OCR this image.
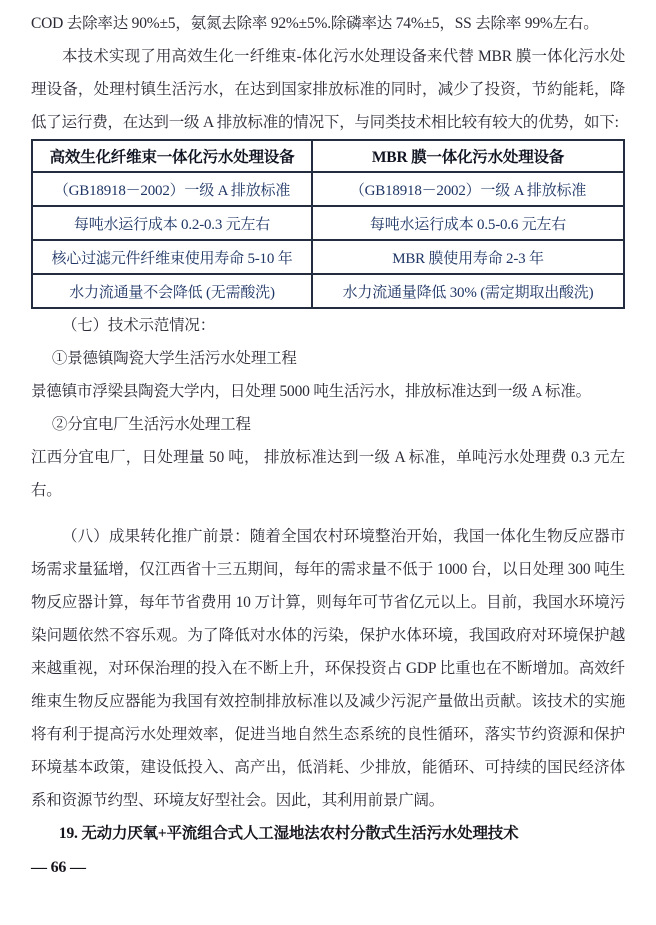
COD 去除率达 90%±5，氨氮去除率 92%±5%.除磷率达 74%±5，SS 去除率 99%左右。

本技术实现了用高效生化一纤维束-体化污水处理设备来代替 MBR 膜一体化污水处理设备，处理村镇生活污水，在达到国家排放标准的同时，减少了投资，节約能耗，降低了运行费，在达到一级 A 排放标准的情况下，与同类技术相比较有较大的优势，如下:

高效生化纤维束一体化污水处理设备	MBR 膜一体化污水处理设备
（GB18918－2002）一级 A 排放标准	（GB18918－2002）一级 A 排放标准
每吨水运行成本 0.2-0.3 元左右	每吨水运行成本 0.5-0.6 元左右
核心过滤元件纤维束使用寿命 5-10 年	MBR 膜使用寿命 2-3 年
水力流通量不会降低 (无需酸洗)	水力流通量降低 30% (需定期取出酸洗)

（七）技术示范情况：

①景德镇陶瓷大学生活污水处理工程

景德镇市浮梁县陶瓷大学内，日处理 5000 吨生活污水，排放标准达到一级 A 标准。

②分宜电厂生活污水处理工程

江西分宜电厂，日处理量 50 吨， 排放标准达到一级 A 标准，单吨污水处理费 0.3 元左右。

（八）成果转化推广前景：随着全国农村环境整治开始，我国一体化生物反应器市场需求量猛增，仅江西省十三五期间，每年的需求量不低于 1000 台，以日处理 300 吨生物反应器计算，每年节省费用 10 万计算，则每年可节省亿元以上。目前，我国水环境污染问题依然不容乐观。为了降低对水体的污染，保护水体环境，我国政府对环境保护越来越重视，对环保治理的投入在不断上升，环保投资占 GDP 比重也在不断增加。高效纤维束生物反应器能为我国有效控制排放标准以及减少污泥产量做出贡献。该技术的实施将有利于提高污水处理效率，促进当地自然生态系统的良性循环，落实节约资源和保护环境基本政策，建设低投入、高产出，低消耗、少排放，能循环、可持续的国民经济体系和资源节约型、环境友好型社会。因此，其利用前景广阔。

19. 无动力厌氧+平流组合式人工湿地法农村分散式生活污水处理技术

— 66 —
